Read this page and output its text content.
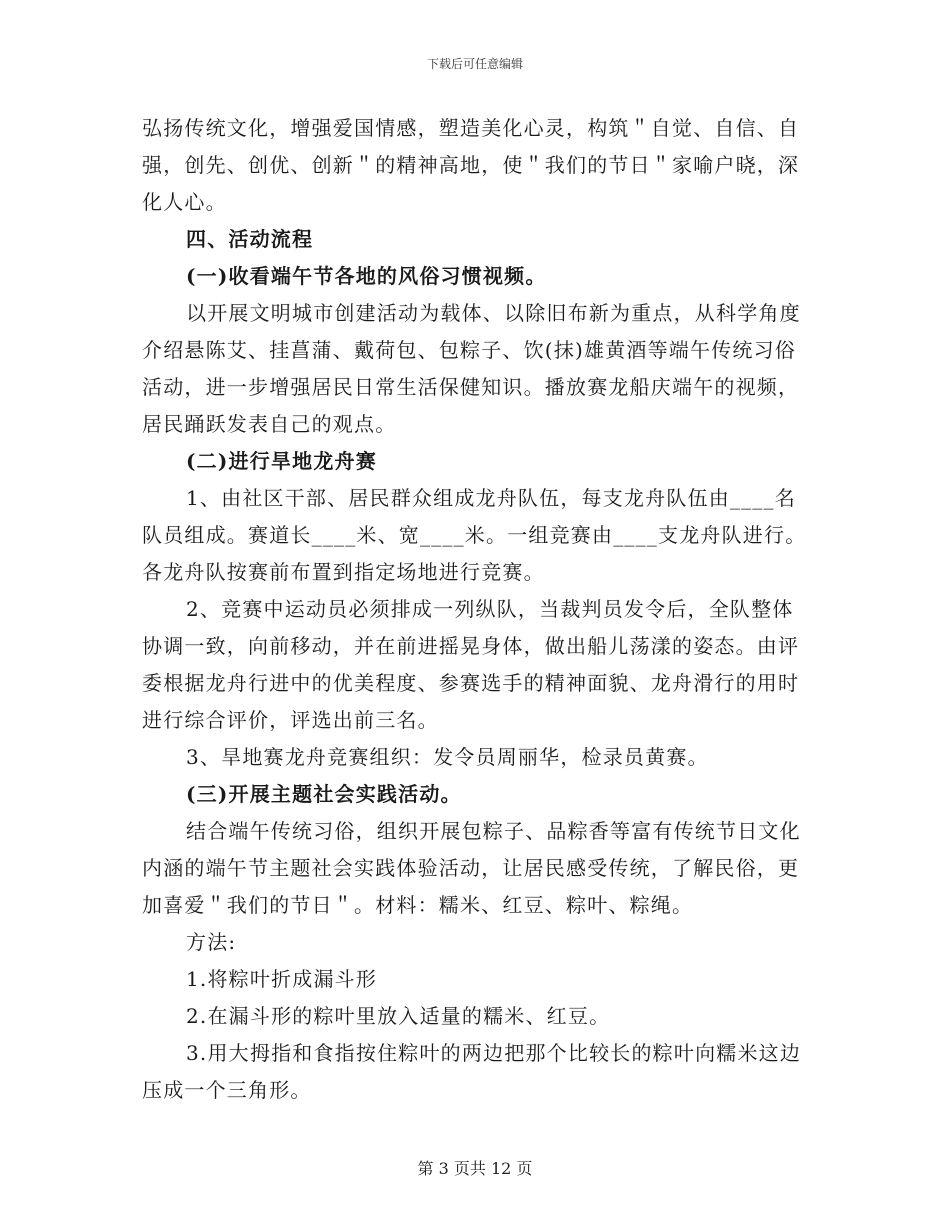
下载后可任意编辑

弘扬传统文化，增强爱国情感，塑造美化心灵，构筑＂自觉、自信、自强，创先、创优、创新＂的精神高地，使＂我们的节日＂家喻户晓，深化人心。

四、活动流程

(一)收看端午节各地的风俗习惯视频。

以开展文明城市创建活动为载体、以除旧布新为重点，从科学角度介绍悬陈艾、挂菖蒲、戴荷包、包粽子、饮(抹)雄黄酒等端午传统习俗活动，进一步增强居民日常生活保健知识。播放赛龙船庆端午的视频，居民踊跃发表自己的观点。

(二)进行旱地龙舟赛

1、由社区干部、居民群众组成龙舟队伍，每支龙舟队伍由____名队员组成。赛道长____米、宽____米。一组竞赛由____支龙舟队进行。各龙舟队按赛前布置到指定场地进行竞赛。

2、竞赛中运动员必须排成一列纵队，当裁判员发令后，全队整体协调一致，向前移动，并在前进摇晃身体，做出船儿荡漾的姿态。由评委根据龙舟行进中的优美程度、参赛选手的精神面貌、龙舟滑行的用时进行综合评价，评选出前三名。

3、旱地赛龙舟竞赛组织：发令员周丽华，检录员黄赛。

(三)开展主题社会实践活动。

结合端午传统习俗，组织开展包粽子、品粽香等富有传统节日文化内涵的端午节主题社会实践体验活动，让居民感受传统，了解民俗，更加喜爱＂我们的节日＂。材料：糯米、红豆、粽叶、粽绳。

方法:

1.将粽叶折成漏斗形

2.在漏斗形的粽叶里放入适量的糯米、红豆。

3.用大拇指和食指按住粽叶的两边把那个比较长的粽叶向糯米这边压成一个三角形。

第 3 页共 12 页
